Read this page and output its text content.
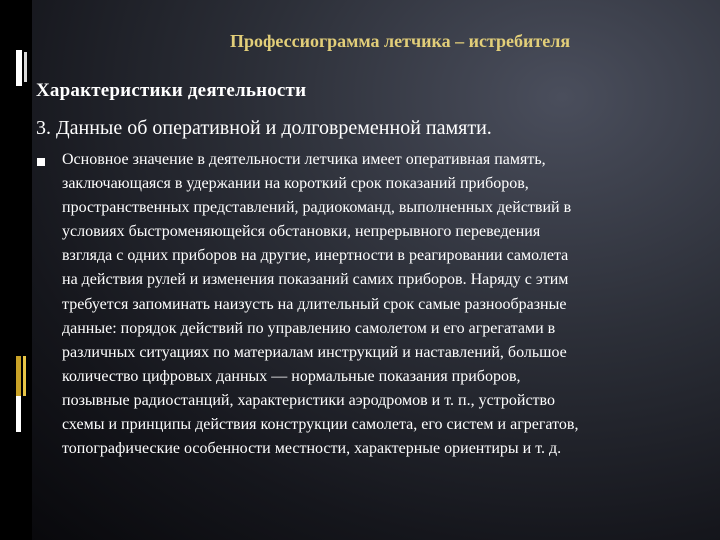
Профессиограмма летчика – истребителя
Характеристики деятельности
3. Данные об оперативной и долговременной памяти.
Основное значение в деятельности летчика имеет оперативная память,
заключающаяся в удержании на короткий срок показаний приборов,
пространственных представлений, радиокоманд, выполненных действий в
условиях быстроменяющейся обстановки, непрерывного переведения
взгляда с одних приборов на другие, инертности в реагировании самолета
на действия рулей и изменения показаний самих приборов. Наряду с этим
требуется запоминать наизусть на длительный срок самые разнообразные
данные: порядок действий по управлению самолетом и его агрегатами в
различных ситуациях по материалам инструкций и наставлений, большое
количество цифровых данных — нормальные показания приборов,
позывные радиостанций, характеристики аэродромов и т. п., устройство
схемы и принципы действия конструкции самолета, его систем и агрегатов,
топографические особенности местности, характерные ориентиры и т. д.
